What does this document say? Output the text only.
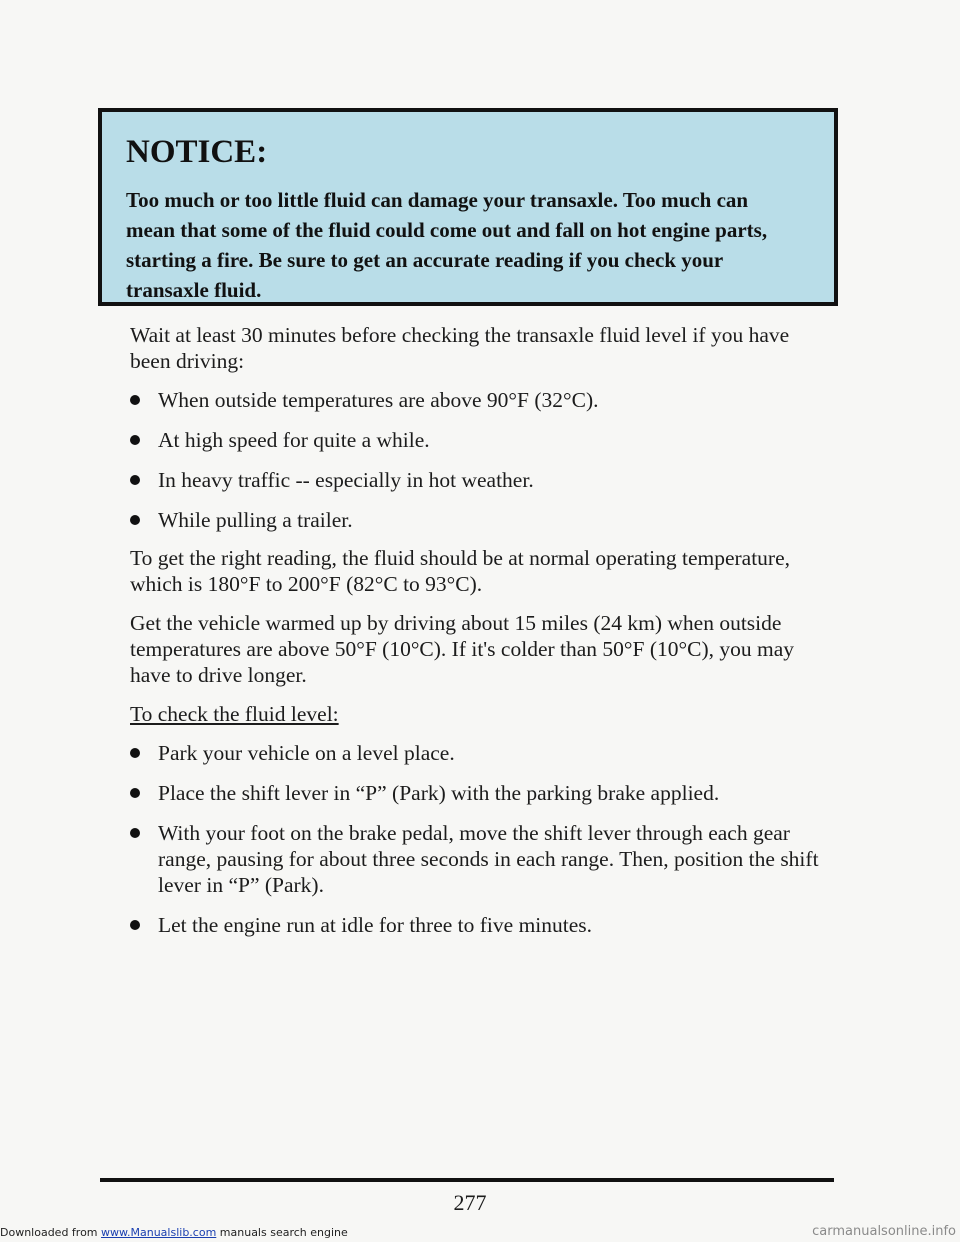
NOTICE:
Too much or too little fluid can damage your transaxle. Too much can mean that some of the fluid could come out and fall on hot engine parts, starting a fire. Be sure to get an accurate reading if you check your transaxle fluid.

Wait at least 30 minutes before checking the transaxle fluid level if you have been driving:

When outside temperatures are above 90°F (32°C).
At high speed for quite a while.
In heavy traffic -- especially in hot weather.
While pulling a trailer.

To get the right reading, the fluid should be at normal operating temperature, which is 180°F to 200°F (82°C to 93°C).

Get the vehicle warmed up by driving about 15 miles (24 km) when outside temperatures are above 50°F (10°C). If it's colder than 50°F (10°C), you may have to drive longer.

To check the fluid level:

Park your vehicle on a level place.
Place the shift lever in “P” (Park) with the parking brake applied.
With your foot on the brake pedal, move the shift lever through each gear range, pausing for about three seconds in each range. Then, position the shift lever in “P” (Park).
Let the engine run at idle for three to five minutes.
277
Downloaded from www.Manualslib.com manuals search engine	carmanualsonline.info
